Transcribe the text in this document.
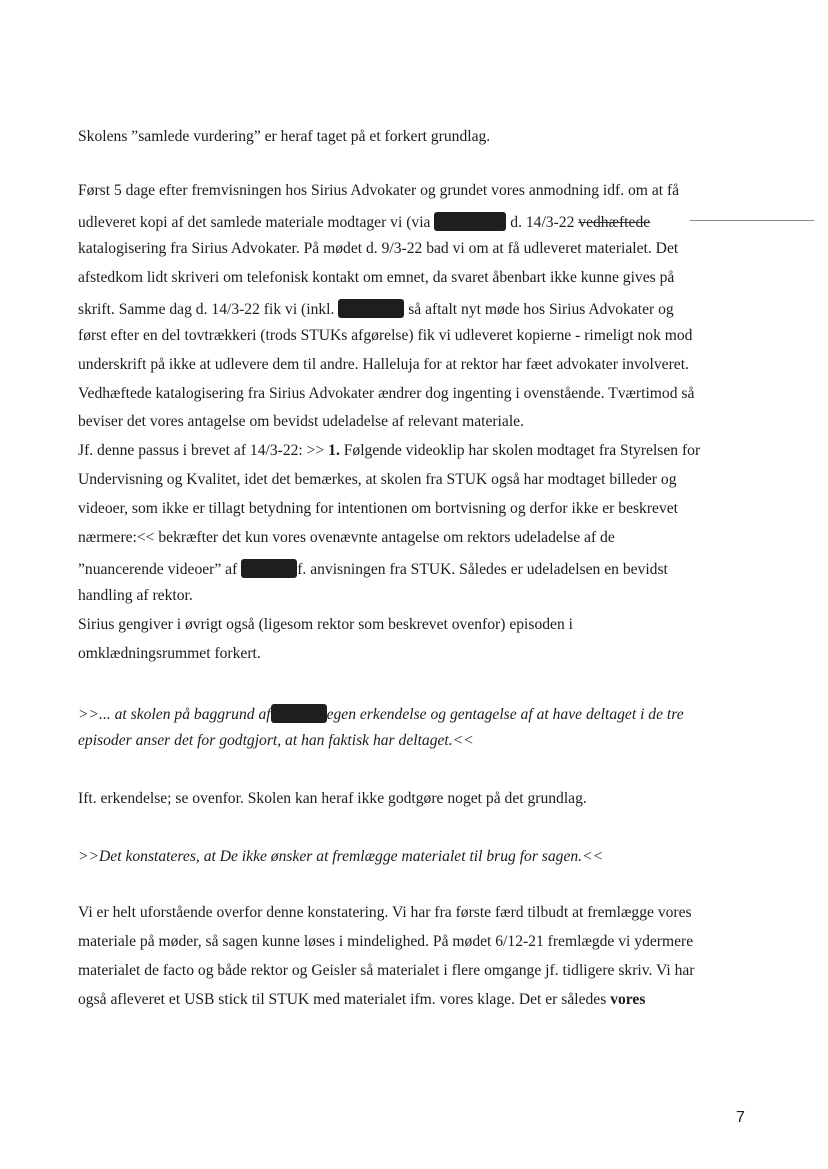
Skolens ”samlede vurdering” er heraf taget på et forkert grundlag.
Først 5 dage efter fremvisningen hos Sirius Advokater og grundet vores anmodning idf. om at få
udleveret kopi af det samlede materiale modtager vi (via	d. 14/3-22 vedhæftede
katalogisering fra Sirius Advokater. På mødet d. 9/3-22 bad vi om at få udleveret materialet. Det
afstedkom lidt skriveri om telefonisk kontakt om emnet, da svaret åbenbart ikke kunne gives på
skrift. Samme dag d. 14/3-22 fik vi (inkl.	så aftalt nyt møde hos Sirius Advokater og
først efter en del tovtrækkeri (trods STUKs afgørelse) fik vi udleveret kopierne - rimeligt nok mod
underskrift på ikke at udlevere dem til andre. Halleluja for at rektor har fæet advokater involveret.
Vedhæftede katalogisering fra Sirius Advokater ændrer dog ingenting i ovenstående. Tværtimod så
beviser det vores antagelse om bevidst udeladelse af relevant materiale.
Jf. denne passus i brevet af 14/3-22: >> 1. Følgende videoklip har skolen modtaget fra Styrelsen for
Undervisning og Kvalitet, idet det bemærkes, at skolen fra STUK også har modtaget billeder og
videoer, som ikke er tillagt betydning for intentionen om bortvisning og derfor ikke er beskrevet
nærmere:<< bekræfter det kun vores ovenævnte antagelse om rektors udeladelse af de
”nuancerende videoer” af	f. anvisningen fra STUK. Således er udeladelsen en bevidst
handling af rektor.
Sirius gengiver i øvrigt også (ligesom rektor som beskrevet ovenfor) episoden i
omklædningsrummet forkert.
>>... at skolen på baggrund af	egen erkendelse og gentagelse af at have deltaget i de tre
episoder anser det for godtgjort, at han faktisk har deltaget.<<
Ift. erkendelse; se ovenfor. Skolen kan heraf ikke godtgøre noget på det grundlag.
>>Det konstateres, at De ikke ønsker at fremlægge materialet til brug for sagen.<<
Vi er helt uforstående overfor denne konstatering. Vi har fra første færd tilbudt at fremlægge vores
materiale på møder, så sagen kunne løses i mindelighed. På mødet 6/12-21 fremlægde vi ydermere
materialet de facto og både rektor og Geisler så materialet i flere omgange jf. tidligere skriv. Vi har
også afleveret et USB stick til STUK med materialet ifm. vores klage. Det er således vores
7
